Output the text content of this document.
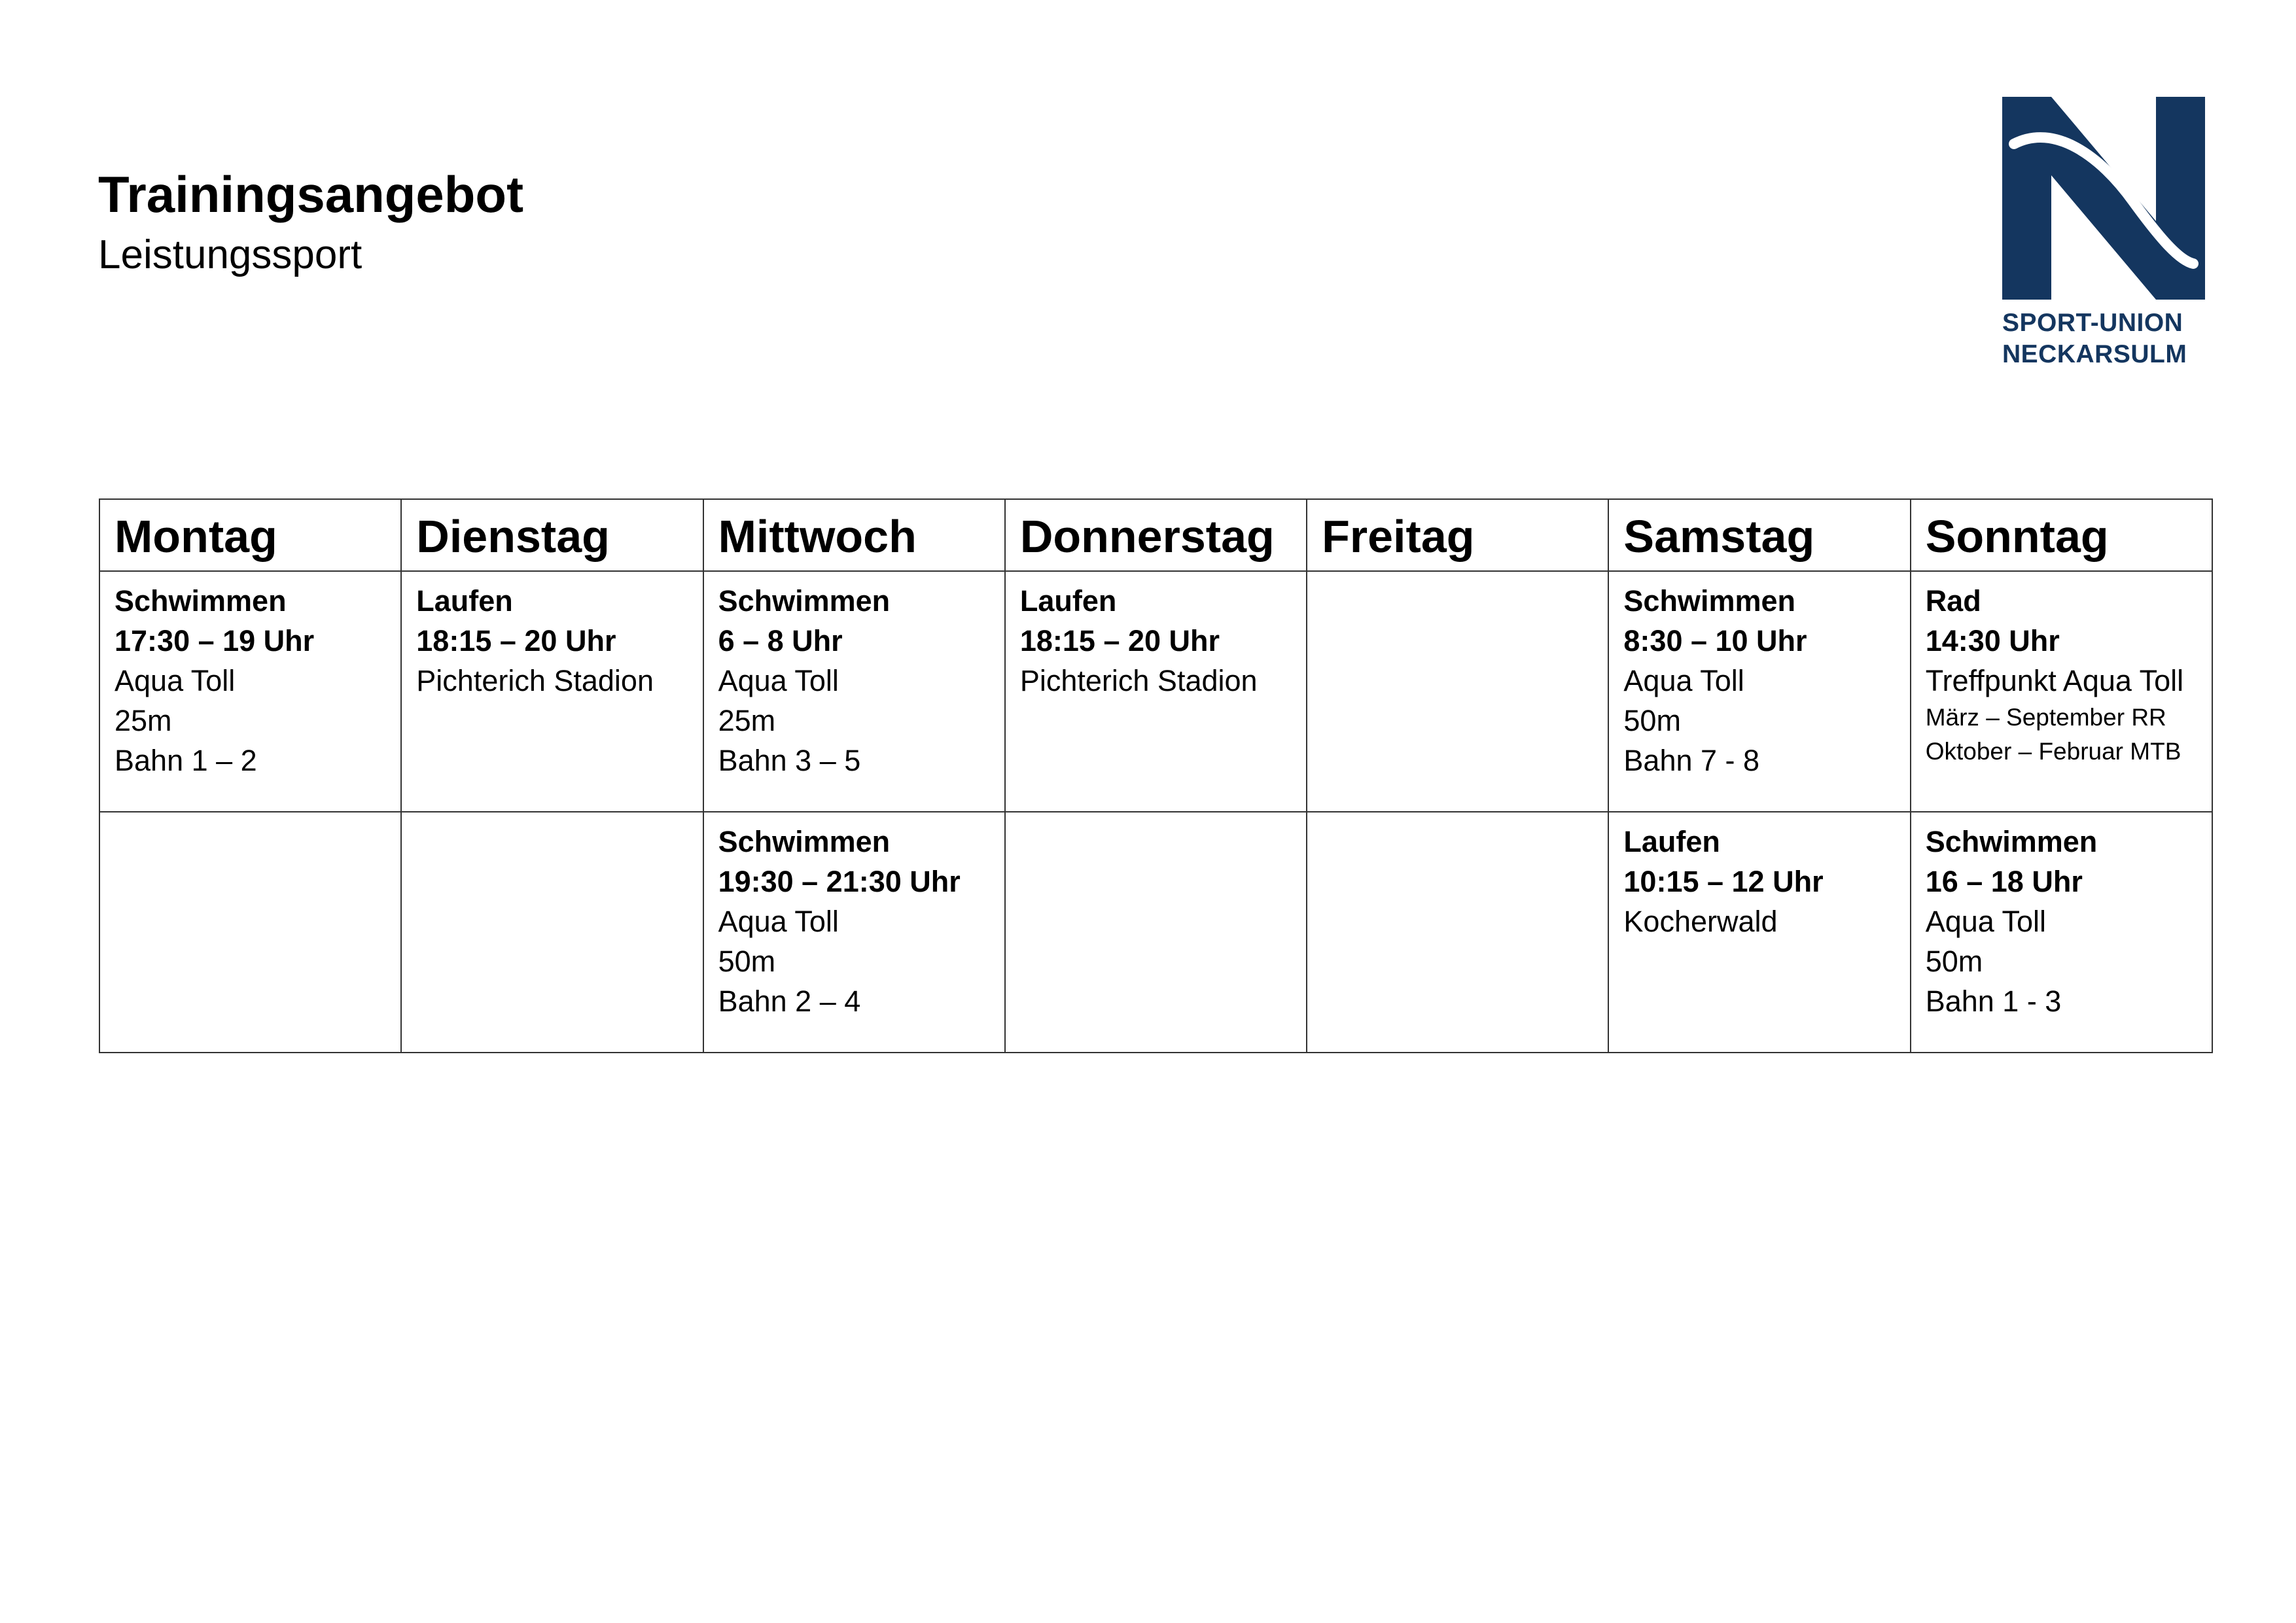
Trainingsangebot
Leistungssport
SPORT-UNION
NECKARSULM
Montag	Dienstag	Mittwoch	Donnerstag	Freitag	Samstag	Sonntag

Schwimmen
17:30 – 19 Uhr
Aqua Toll
25m
Bahn 1 – 2	Laufen
18:15 – 20 Uhr
Pichterich Stadion	Schwimmen
6 – 8 Uhr
Aqua Toll
25m
Bahn 3 – 5	Laufen
18:15 – 20 Uhr
Pichterich Stadion		Schwimmen
8:30 – 10 Uhr
Aqua Toll
50m
Bahn 7 - 8	Rad
14:30 Uhr
Treffpunkt Aqua Toll
März – September RR
Oktober – Februar MTB

		Schwimmen
19:30 – 21:30 Uhr
Aqua Toll
50m
Bahn 2 – 4			Laufen
10:15 – 12 Uhr
Kocherwald	Schwimmen
16 – 18 Uhr
Aqua Toll
50m
Bahn 1 - 3
